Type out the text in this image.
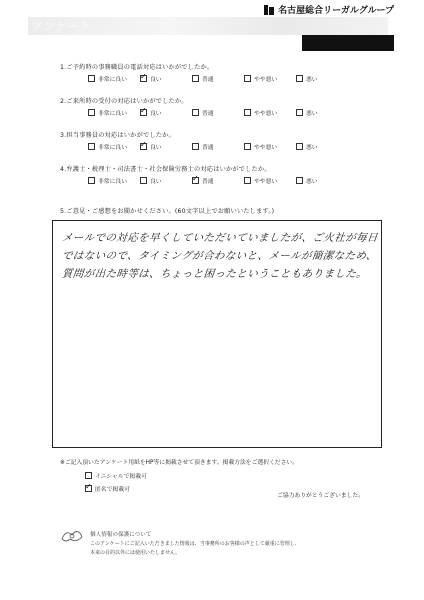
名古屋総合リーガルグループ
アンケート
1.ご予約時の事務職員の電話対応はいかがでしたか。
非常に良い ✓	良い	普通	やや悪い	悪い
2.ご来所時の受付の対応はいかがでしたか。
非常に良い ✓	良い	普通	やや悪い	悪い
3.担当事務員の対応はいかがでしたか。
非常に良い ✓	良い	普通	やや悪い	悪い
4.弁護士・税理士・司法書士・社会保険労務士の対応はいかがでしたか。
非常に良い	良い ✓	普通	やや悪い	悪い
5.ご意見・ご感想をお聞かせください。(60文字以上でお願いいたします。)
メールでの対応を早くしていただいていましたが、ご火社が毎日
ではないので、タイミングが合わないと、メールが簡潔なため、
質問が出た時等は、ちょっと困ったということもありました。
※ご記入頂いたアンケート用紙をHP等に掲載させて頂きます。掲載方法をご選択ください。
イニシャルで掲載可
✓
匿名で掲載可
ご協力ありがとうございました。
個人情報の保護について
このアンケートにご記入いただきました情報は、当事務所のお客様の声として厳重に管理し、
本来の目的以外には使用いたしません。
